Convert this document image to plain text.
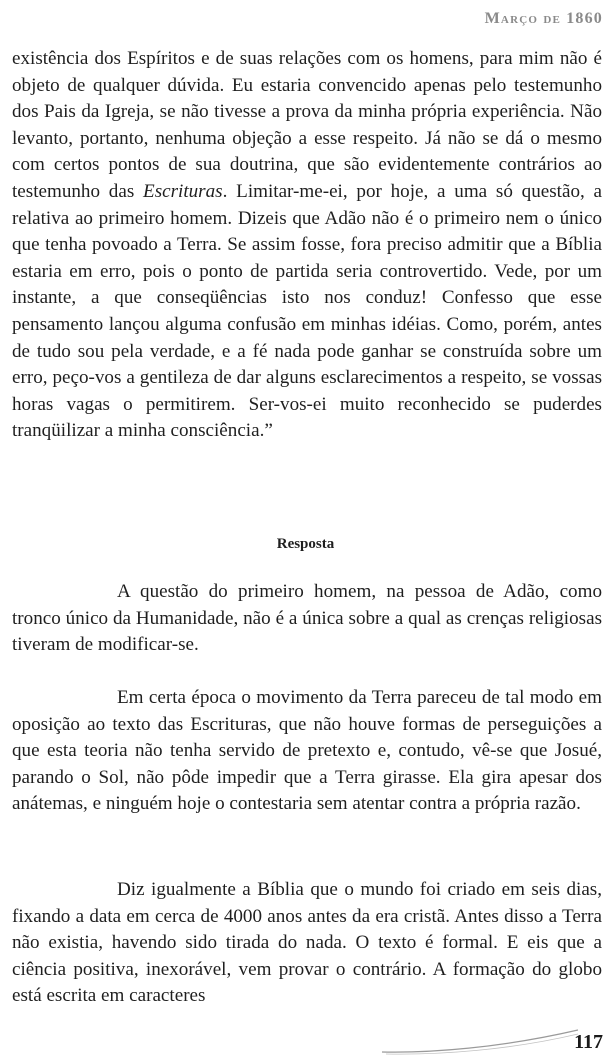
Março de 1860

existência dos Espíritos e de suas relações com os homens, para mim não é objeto de qualquer dúvida. Eu estaria convencido apenas pelo testemunho dos Pais da Igreja, se não tivesse a prova da minha própria experiência. Não levanto, portanto, nenhuma objeção a esse respeito. Já não se dá o mesmo com certos pontos de sua doutrina, que são evidentemente contrários ao testemunho das Escrituras. Limitar-me-ei, por hoje, a uma só questão, a relativa ao primeiro homem. Dizeis que Adão não é o primeiro nem o único que tenha povoado a Terra. Se assim fosse, fora preciso admitir que a Bíblia estaria em erro, pois o ponto de partida seria controvertido. Vede, por um instante, a que conseqüências isto nos conduz! Confesso que esse pensamento lançou alguma confusão em minhas idéias. Como, porém, antes de tudo sou pela verdade, e a fé nada pode ganhar se construída sobre um erro, peço-vos a gentileza de dar alguns esclarecimentos a respeito, se vossas horas vagas o permitirem. Ser-vos-ei muito reconhecido se puderdes tranqüilizar a minha consciência.”

Resposta

A questão do primeiro homem, na pessoa de Adão, como tronco único da Humanidade, não é a única sobre a qual as crenças religiosas tiveram de modificar-se.

Em certa época o movimento da Terra pareceu de tal modo em oposição ao texto das Escrituras, que não houve formas de perseguições a que esta teoria não tenha servido de pretexto e, contudo, vê-se que Josué, parando o Sol, não pôde impedir que a Terra girasse. Ela gira apesar dos anátemas, e ninguém hoje o contestaria sem atentar contra a própria razão.

Diz igualmente a Bíblia que o mundo foi criado em seis dias, fixando a data em cerca de 4000 anos antes da era cristã. Antes disso a Terra não existia, havendo sido tirada do nada. O texto é formal. E eis que a ciência positiva, inexorável, vem provar o contrário. A formação do globo está escrita em caracteres

117
